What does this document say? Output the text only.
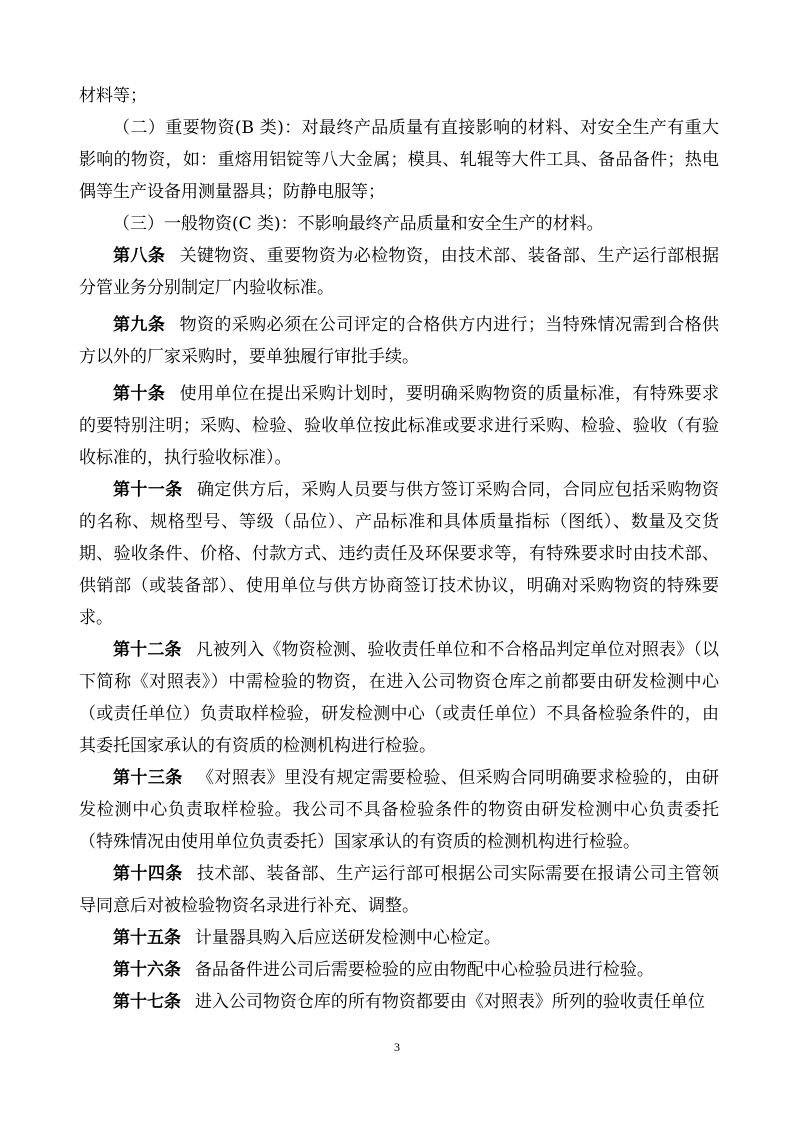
材料等；

（二）重要物资(B 类)：对最终产品质量有直接影响的材料、对安全生产有重大影响的物资，如：重熔用铝锭等八大金属；模具、轧辊等大件工具、备品备件；热电偶等生产设备用测量器具；防静电服等；

（三）一般物资(C 类)：不影响最终产品质量和安全生产的材料。

第八条  关键物资、重要物资为必检物资，由技术部、装备部、生产运行部根据分管业务分别制定厂内验收标准。

第九条  物资的采购必须在公司评定的合格供方内进行；当特殊情况需到合格供方以外的厂家采购时，要单独履行审批手续。

第十条  使用单位在提出采购计划时，要明确采购物资的质量标准，有特殊要求的要特别注明；采购、检验、验收单位按此标准或要求进行采购、检验、验收（有验收标准的，执行验收标准）。

第十一条  确定供方后，采购人员要与供方签订采购合同，合同应包括采购物资的名称、规格型号、等级（品位）、产品标准和具体质量指标（图纸）、数量及交货期、验收条件、价格、付款方式、违约责任及环保要求等，有特殊要求时由技术部、供销部（或装备部）、使用单位与供方协商签订技术协议，明确对采购物资的特殊要求。

第十二条  凡被列入《物资检测、验收责任单位和不合格品判定单位对照表》（以下简称《对照表》）中需检验的物资，在进入公司物资仓库之前都要由研发检测中心（或责任单位）负责取样检验，研发检测中心（或责任单位）不具备检验条件的，由其委托国家承认的有资质的检测机构进行检验。

第十三条  《对照表》里没有规定需要检验、但采购合同明确要求检验的，由研发检测中心负责取样检验。我公司不具备检验条件的物资由研发检测中心负责委托（特殊情况由使用单位负责委托）国家承认的有资质的检测机构进行检验。

第十四条  技术部、装备部、生产运行部可根据公司实际需要在报请公司主管领导同意后对被检验物资名录进行补充、调整。

第十五条  计量器具购入后应送研发检测中心检定。

第十六条  备品备件进公司后需要检验的应由物配中心检验员进行检验。

第十七条  进入公司物资仓库的所有物资都要由《对照表》所列的验收责任单位

3
